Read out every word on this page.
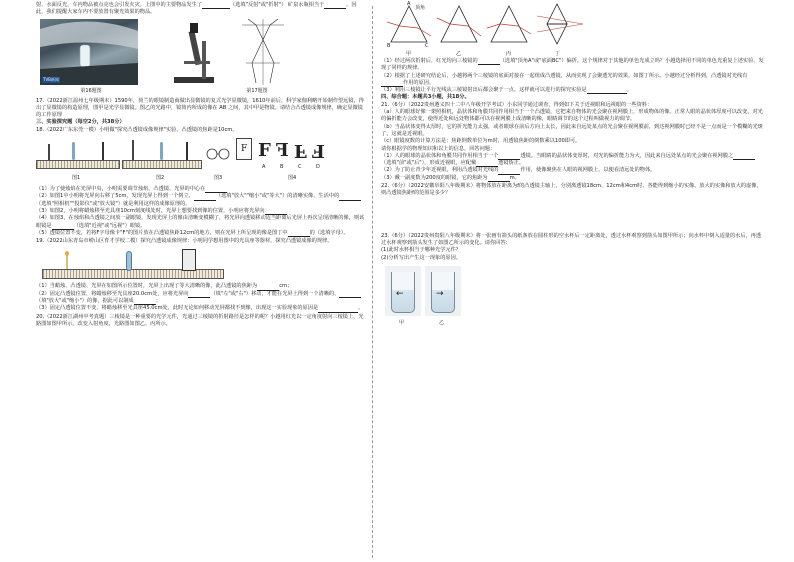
射、水面反光，车内物品被点亮也会引发火灾。上图中的主要物品发生了	（选填"反射"或"折射"） 矿泉水瓶相当于	。因此，我们提醒大家车内不要放置有聚光效果的物品。

TVB新闻
第16题图	第17题图

17.（2022浙江温州七年级期末）1590年，荷兰的眼镜制造商做出显微镜的复式光学显微镜，1610年前后，科学家伽利略开始制作望远镜，得出了显微镜的构造原理，图甲是光学显微镜。图乙的光路中，镜筒内所成的像在 AB 之间，其中甲是物镜。请结合凸透镜成像规律，确定显微镜的工作原理

三、实验探究题（每空2分，共38分）

18.（2022广东东莞一模）小明做"探究凸透镜成像规律"实验，凸透镜的焦距是10cm。

F F F F F
A	B	C	D
图1	图2	图3	图4

（1）为了使烛焰在光屏中央，小明需要调节烛焰、凸透镜、光屏的中心在

（2）如图1中小明将光屏向右移了5cm，发现光屏上得到一个倒立、	（选填"放大""缩小"或"等大"）的清晰实像，生活中的（选填"照相机""投影仪"或"放大镜"）就是利用这样的成像原理的。

（3）如图2，小明将蜡烛移至光具座10cm刻度线处时，光屏上想要找到像的位置，小明应将光屏向

（4）如图3，在烛焰和凸透镜之间放一副眼镜，发现光屏上的像由清晰变模糊了，将光屏向透镜移动适当距离后光屏上再次呈现清晰的像，则该眼镜是	（选填"近视"或"远视"）眼镜。

（5）透镜位置不变，若将F字母像卡"F"的图片放在凸透镜焦距12cm的地方，则在光屏上所呈现的像是图丁中	的（选填字母）。

19.（2022山东青岛市崂山区育才学校二模）探究凸透镜成像规律：小明同学想用图中的光具座等器材，探究凸透镜成像的规律。

（1）当蜡烛、凸透镜、光屏在如图所示位置时，光屏上出现了等大清晰的像，此凸透镜的焦距为	cm；

（2）固定凸透镜位置，将蜡烛移至光具座20.0cm处，应将光屏向	（填"左"或"右"）移动，才能在光屏上得到一个清晰的、（填"放大"或"缩小"）的像，据此可以制成	；

（3）固定凸透镜位置不变，将蜡烛移至光具座45.0cm处，此时无论如何移动光屏都找不到像，出现这一实验现象的原因是	。

20.（2022浙江湖州中考真题）三棱镜是一种重要的光学元件，光通过三棱镜的折射路径是怎样的呢？小越用红光以一定角度射向三棱镜上，光路图如图甲所示。改变入射角度，光路图如图乙、丙所示。

顶角
A
B	C
甲	乙	丙	丁

（1）经过两次折射后，红光均向三棱镜的	（选填"顶角A"或"底面BC"）偏折。这个规律对于其他的单色光成立吗？小越选择用不同的单色光重复上述实验，发现了同样的规律。

（2）根据了上述研究结论后，小越将两个三棱镜的底面对接在一起组成凸透镜，从而实现了会聚透光的效果，如图丁所示。小越经过分析得到，凸透镜对光线有作用的原因。

（3）利用三棱镜让平行光线从三棱镜射出后都会聚于一点，这样就可以进行的探究实验是	。

四、综合题：本题共3小题，共18分。

21.（6分）（2022贵州遵义四十二中八年级开学考试）小东同学通过调查，得到如下关于近视眼和远视眼的一些资料：

（a）人的眼球好像一架照相机，晶状体和角膜共同作用相当于一个凸透镜，它把来自物体的光会聚在视网膜上，形成物体的像。正常人眼的晶状体厚度可以改变，对光的偏折能力会改变，使得近处和远处物体都可以在视网膜上成清晰的像，眼睛调节的这个过程叫做视力的调节。

（b）当晶状体变得太厚时，它的折光能力太强，或者眼球在前后方向上太长，因此来自远处某点的光会聚在视网膜前，到达视网膜时已经不是一点而是一个模糊的光斑了，这就是近视眼。

（c）眼镜度数的计算方法是：焦距倒数单位为m时，用透镜焦距的倒数乘以100即可。

请你根据学的物理知识和以上的信息，回答问题：

（1）人的眼球的晶状体和角膜共同作用相当于一个	透镜。当眼睛的晶状体变厚时，对光的偏折能力为大，因此来自远处某点的光会聚在视网膜之（选填"前"或"后"），形成近视眼，应配戴	透镜矫正。

（2）为了防止青少年近视眼，利用凸透镜对光线的	作用，使像聚焦在人眼的视网膜上，以便看清远处的物体。

（3）戴一副度数为200度的眼镜，它的焦距为	m。

22.（6分）（2022安徽阜阳八年级期末）将物体放在距离为f的凸透镜主轴上，分别离透镜18cm、12cm和4cm时，各能得到缩小的实像、放大的实像和放大的虚像，则凸透镜焦距f的范围是多少？

23.（6分）（2022贵州贵阳八年级期末）将一张画有箭头的纸条放在圆柱形的空水杯后一定距离处，透过水杯观察到箭头如图甲所示；向水杯中倒入适量的水后，再透过水杯观察到箭头发生了如图乙所示的变化。请你回答：

(1)此时水杯相当于哪种光学元件？

(2)分析写出产生这一现象的原因。

←	→
甲	乙
